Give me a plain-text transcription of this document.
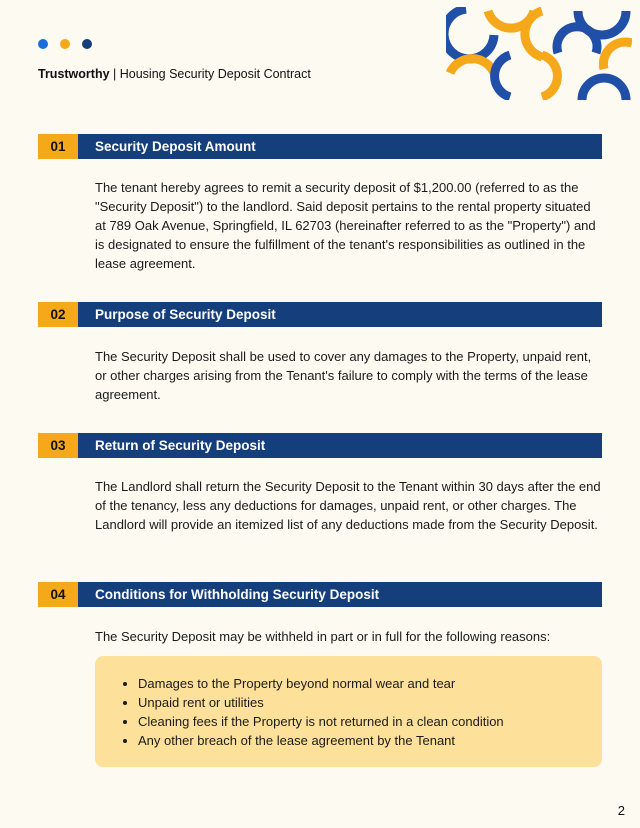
Trustworthy | Housing Security Deposit Contract
01	Security Deposit Amount

The tenant hereby agrees to remit a security deposit of $1,200.00 (referred to as the "Security Deposit") to the landlord. Said deposit pertains to the rental property situated at 789 Oak Avenue, Springfield, IL 62703 (hereinafter referred to as the "Property") and is designated to ensure the fulfillment of the tenant's responsibilities as outlined in the lease agreement.

02	Purpose of Security Deposit

The Security Deposit shall be used to cover any damages to the Property, unpaid rent, or other charges arising from the Tenant's failure to comply with the terms of the lease agreement.

03	Return of Security Deposit

The Landlord shall return the Security Deposit to the Tenant within 30 days after the end of the tenancy, less any deductions for damages, unpaid rent, or other charges. The Landlord will provide an itemized list of any deductions made from the Security Deposit.

04	Conditions for Withholding Security Deposit

The Security Deposit may be withheld in part or in full for the following reasons:

• Damages to the Property beyond normal wear and tear
• Unpaid rent or utilities
• Cleaning fees if the Property is not returned in a clean condition
• Any other breach of the lease agreement by the Tenant
2
